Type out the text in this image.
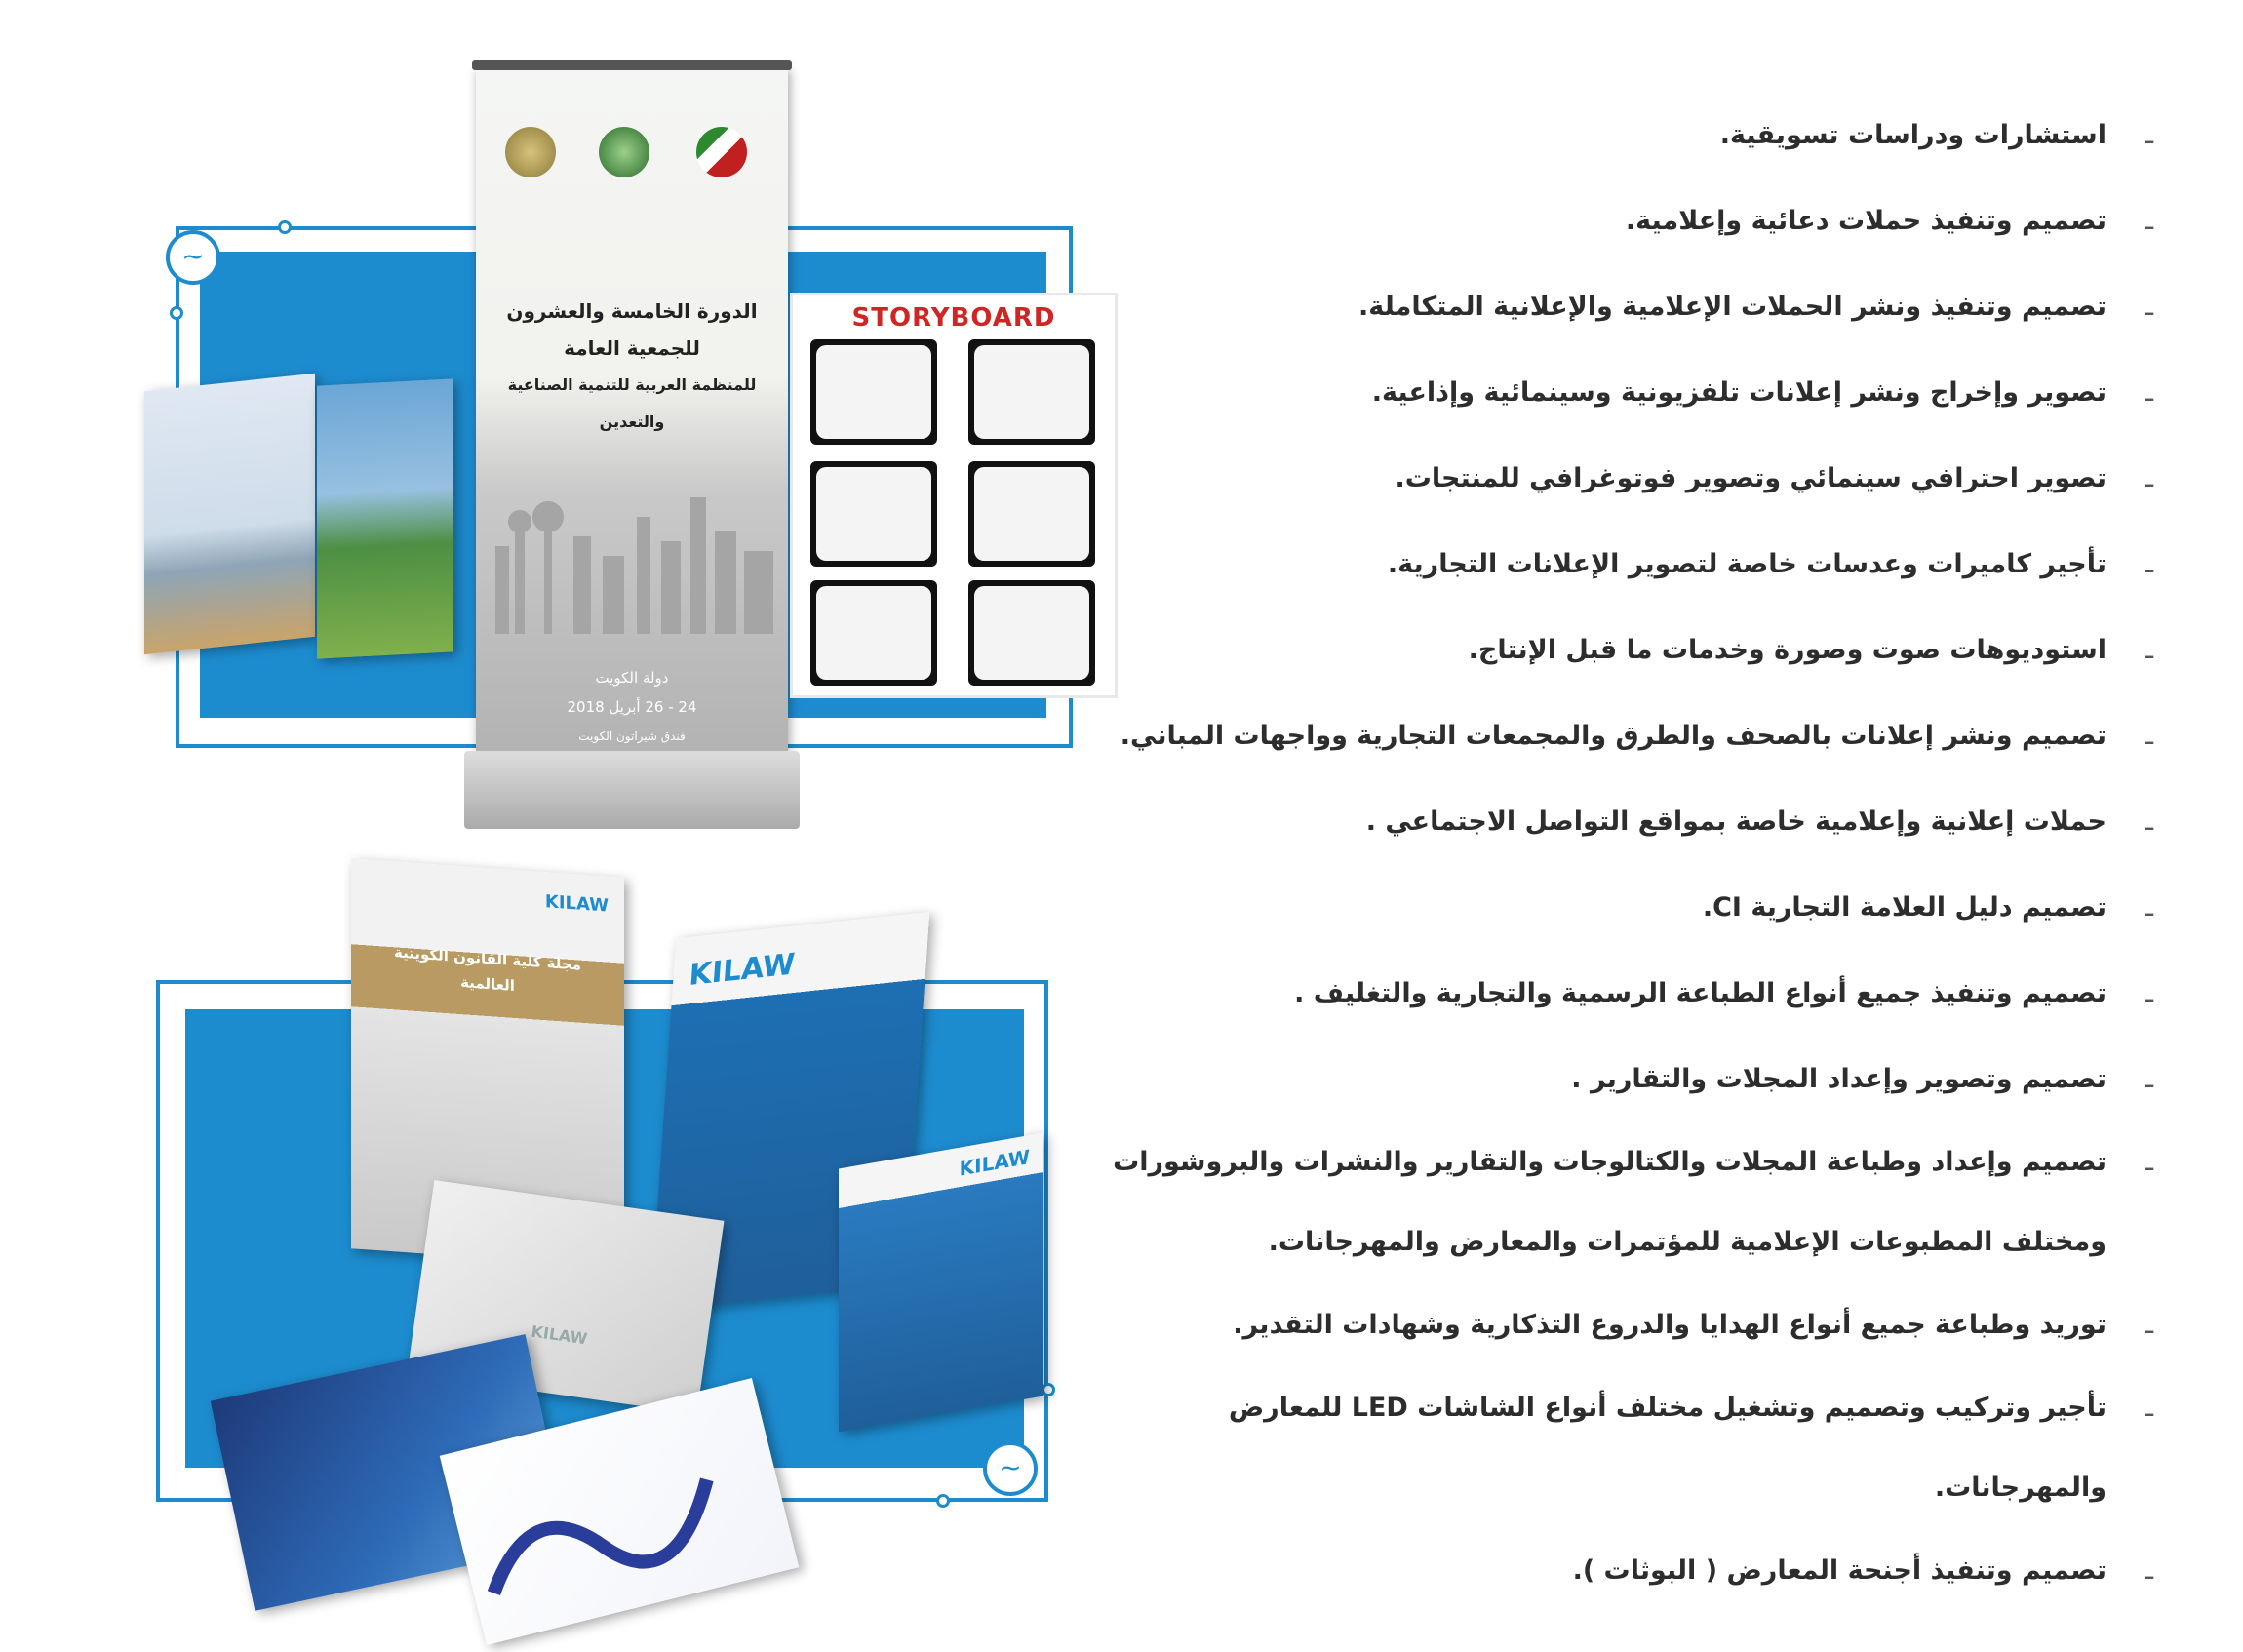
~
الدورة الخامسة والعشرون
للجمعية العامة
للمنظمة العربية للتنمية الصناعية والتعدين
دولة الكويت
24 - 26 أبريل 2018
فندق شيراتون الكويت
STORYBOARD
~
KILAW
مجلة كلية القانون الكويتية العالمية	KILAW
KILAW
KILAW
ـ
استشارات ودراسات تسويقية.
ـ
تصميم وتنفيذ حملات دعائية وإعلامية.
ـ
تصميم وتنفيذ ونشر الحملات الإعلامية والإعلانية المتكاملة.
ـ
تصوير وإخراج ونشر إعلانات تلفزيونية وسينمائية وإذاعية.
ـ
تصوير احترافي سينمائي وتصوير فوتوغرافي للمنتجات.
ـ
تأجير كاميرات وعدسات خاصة لتصوير الإعلانات التجارية.
ـ
استوديوهات صوت وصورة وخدمات ما قبل الإنتاج.
ـ
تصميم ونشر إعلانات بالصحف والطرق والمجمعات التجارية وواجهات المباني.
ـ
حملات إعلانية وإعلامية خاصة بمواقع التواصل الاجتماعي .
ـ
تصميم دليل العلامة التجارية CI.
ـ
تصميم وتنفيذ جميع أنواع الطباعة الرسمية والتجارية والتغليف .
ـ
تصميم وتصوير وإعداد المجلات والتقارير .
ـ
تصميم وإعداد وطباعة المجلات والكتالوجات والتقارير والنشرات والبروشورات
ومختلف المطبوعات الإعلامية للمؤتمرات والمعارض والمهرجانات.
ـ
توريد وطباعة جميع أنواع الهدايا والدروع التذكارية وشهادات التقدير.
ـ
تأجير وتركيب وتصميم وتشغيل مختلف أنواع الشاشات LED للمعارض
والمهرجانات.
ـ
تصميم وتنفيذ أجنحة المعارض ( البوثات ).
